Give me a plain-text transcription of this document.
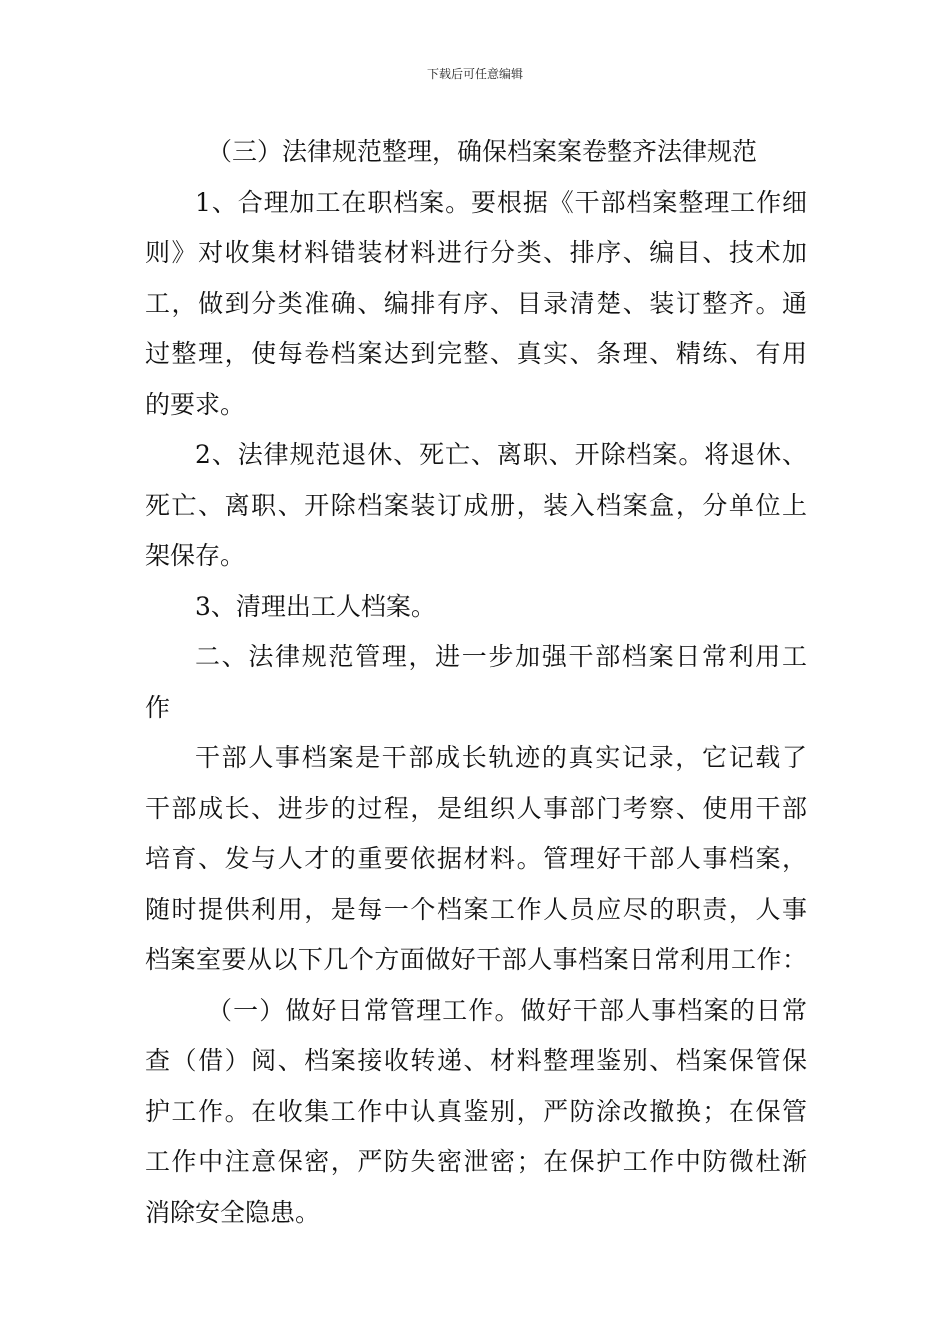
下载后可任意编辑
（三）法律规范整理，确保档案案卷整齐法律规范
1、合理加工在职档案。要根据《干部档案整理工作细
则》对收集材料错装材料进行分类、排序、编目、技术加
工，做到分类准确、编排有序、目录清楚、装订整齐。通
过整理，使每卷档案达到完整、真实、条理、精练、有用
的要求。
2、法律规范退休、死亡、离职、开除档案。将退休、
死亡、离职、开除档案装订成册，装入档案盒，分单位上
架保存。
3、清理出工人档案。
二、法律规范管理，进一步加强干部档案日常利用工
作
干部人事档案是干部成长轨迹的真实记录，它记载了
干部成长、进步的过程，是组织人事部门考察、使用干部
培育、发与人才的重要依据材料。管理好干部人事档案，
随时提供利用，是每一个档案工作人员应尽的职责，人事
档案室要从以下几个方面做好干部人事档案日常利用工作：
（一）做好日常管理工作。做好干部人事档案的日常
查（借）阅、档案接收转递、材料整理鉴别、档案保管保
护工作。在收集工作中认真鉴别，严防涂改撤换；在保管
工作中注意保密，严防失密泄密；在保护工作中防微杜渐
消除安全隐患。
